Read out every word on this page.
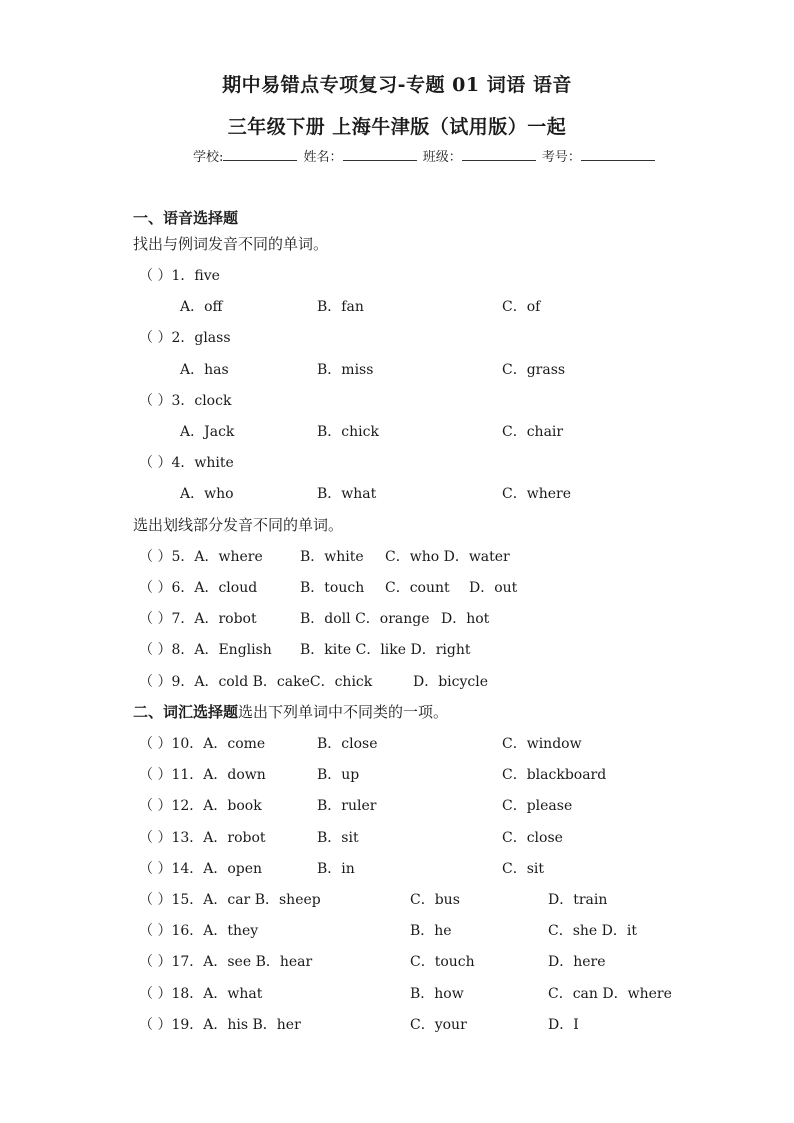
期中易错点专项复习-专题 01 词语 语音
三年级下册 上海牛津版（试用版）一起
学校:	姓名：	班级：	考号：
一、语音选择题
找出与例词发音不同的单词。
（ ）1．five
A．off	B．fan	C．of
（ ）2．glass
A．has	B．miss	C．grass
（ ）3．clock
A．Jack	B．chick	C．chair
（ ）4．white
A．who	B．what	C．where
选出划线部分发音不同的单词。
（ ）5．A．where	B．white C．who D．water
（ ）6．A．cloud	B．touch C．count D．out
（ ）7．A．robot	B．doll C．orange D．hot
（ ）8．A．English B．kite C．like D．right
（ ）9．A．cold B．cakeC．chick	D．bicycle
二、词汇选择题选出下列单词中不同类的一项。
（ ）10．A．come	B．close	C．window
（ ）11．A．down	B．up	C．blackboard
（ ）12．A．book	B．ruler	C．please
（ ）13．A．robot	B．sit	C．close
（ ）14．A．open	B．in	C．sit
（ ）15．A．car B．sheep	C．bus	D．train
（ ）16．A．they	B．he	C．she D．it
（ ）17．A．see B．hear	C．touch	D．here
（ ）18．A．what	B．how	C．can D．where
（ ）19．A．his B．her	C．your	D．I
